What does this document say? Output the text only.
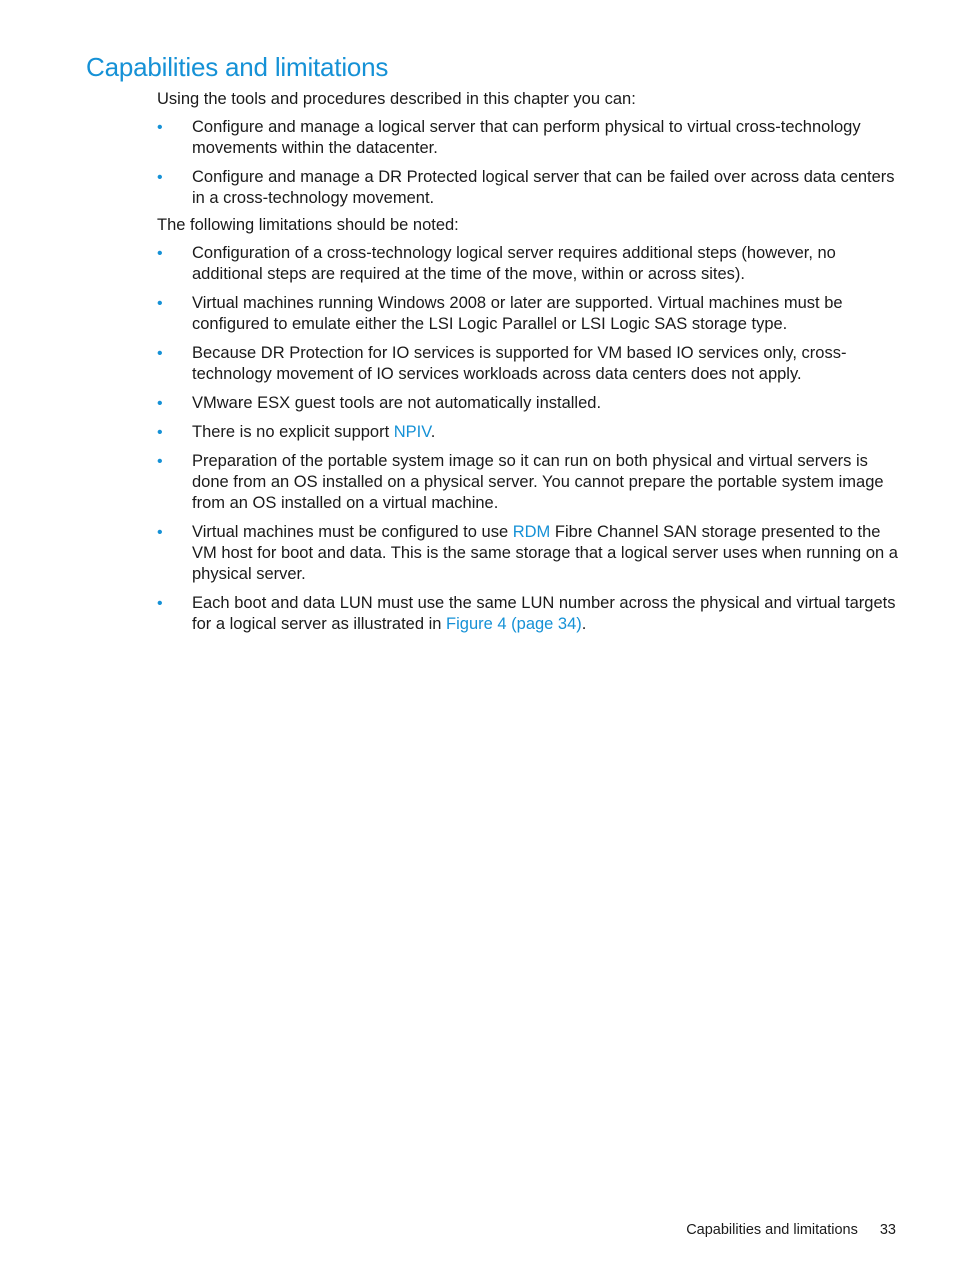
Capabilities and limitations

Using the tools and procedures described in this chapter you can:

• Configure and manage a logical server that can perform physical to virtual cross-technology movements within the datacenter.
• Configure and manage a DR Protected logical server that can be failed over across data centers in a cross-technology movement.

The following limitations should be noted:

• Configuration of a cross-technology logical server requires additional steps (however, no additional steps are required at the time of the move, within or across sites).
• Virtual machines running Windows 2008 or later are supported. Virtual machines must be configured to emulate either the LSI Logic Parallel or LSI Logic SAS storage type.
• Because DR Protection for IO services is supported for VM based IO services only, cross-technology movement of IO services workloads across data centers does not apply.
• VMware ESX guest tools are not automatically installed.
• There is no explicit support NPIV.
• Preparation of the portable system image so it can run on both physical and virtual servers is done from an OS installed on a physical server. You cannot prepare the portable system image from an OS installed on a virtual machine.
• Virtual machines must be configured to use RDM Fibre Channel SAN storage presented to the VM host for boot and data. This is the same storage that a logical server uses when running on a physical server.
• Each boot and data LUN must use the same LUN number across the physical and virtual targets for a logical server as illustrated in Figure 4 (page 34).
Capabilities and limitations 33
